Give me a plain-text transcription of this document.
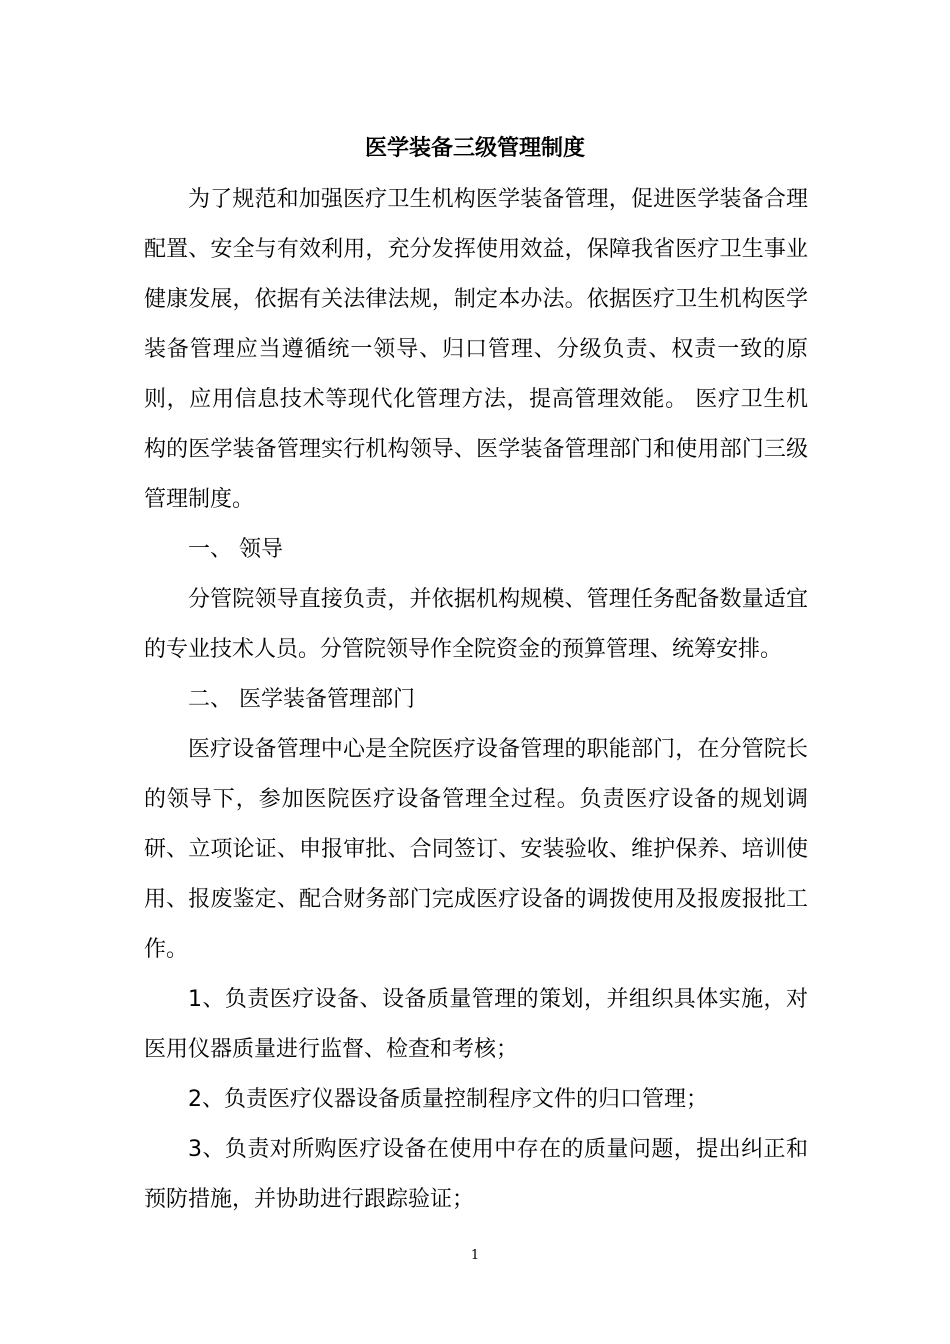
医学装备三级管理制度

为了规范和加强医疗卫生机构医学装备管理，促进医学装备合理配置、安全与有效利用，充分发挥使用效益，保障我省医疗卫生事业健康发展，依据有关法律法规，制定本办法。依据医疗卫生机构医学装备管理应当遵循统一领导、归口管理、分级负责、权责一致的原则，应用信息技术等现代化管理方法，提高管理效能。 医疗卫生机构的医学装备管理实行机构领导、医学装备管理部门和使用部门三级管理制度。

一、 领导

分管院领导直接负责，并依据机构规模、管理任务配备数量适宜的专业技术人员。分管院领导作全院资金的预算管理、统筹安排。

二、 医学装备管理部门

医疗设备管理中心是全院医疗设备管理的职能部门，在分管院长的领导下，参加医院医疗设备管理全过程。负责医疗设备的规划调研、立项论证、申报审批、合同签订、安装验收、维护保养、培训使用、报废鉴定、配合财务部门完成医疗设备的调拨使用及报废报批工作。

1、负责医疗设备、设备质量管理的策划，并组织具体实施，对医用仪器质量进行监督、检查和考核；

2、负责医疗仪器设备质量控制程序文件的归口管理；

3、负责对所购医疗设备在使用中存在的质量问题，提出纠正和预防措施，并协助进行跟踪验证；

1
